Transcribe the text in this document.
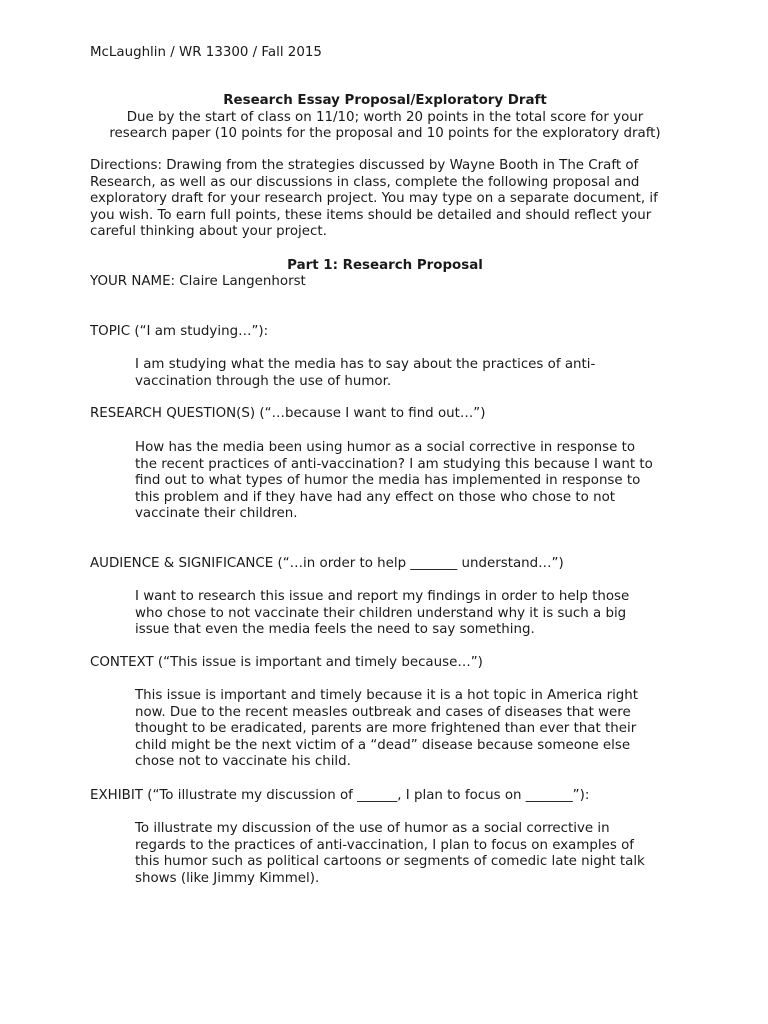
McLaughlin / WR 13300 / Fall 2015
Research Essay Proposal/Exploratory Draft
Due by the start of class on 11/10; worth 20 points in the total score for your
research paper (10 points for the proposal and 10 points for the exploratory draft)
Directions: Drawing from the strategies discussed by Wayne Booth in The Craft of
Research, as well as our discussions in class, complete the following proposal and
exploratory draft for your research project. You may type on a separate document, if
you wish. To earn full points, these items should be detailed and should reflect your
careful thinking about your project.
Part 1: Research Proposal
YOUR NAME: Claire Langenhorst
TOPIC (“I am studying…”):
I am studying what the media has to say about the practices of anti-
vaccination through the use of humor.
RESEARCH QUESTION(S) (“…because I want to find out…”)
How has the media been using humor as a social corrective in response to
the recent practices of anti-vaccination? I am studying this because I want to
find out to what types of humor the media has implemented in response to
this problem and if they have had any effect on those who chose to not
vaccinate their children.
AUDIENCE & SIGNIFICANCE (“…in order to help _______ understand…”)
I want to research this issue and report my findings in order to help those
who chose to not vaccinate their children understand why it is such a big
issue that even the media feels the need to say something.
CONTEXT (“This issue is important and timely because…”)
This issue is important and timely because it is a hot topic in America right
now. Due to the recent measles outbreak and cases of diseases that were
thought to be eradicated, parents are more frightened than ever that their
child might be the next victim of a “dead” disease because someone else
chose not to vaccinate his child.
EXHIBIT (“To illustrate my discussion of ______, I plan to focus on _______”):
To illustrate my discussion of the use of humor as a social corrective in
regards to the practices of anti-vaccination, I plan to focus on examples of
this humor such as political cartoons or segments of comedic late night talk
shows (like Jimmy Kimmel).
